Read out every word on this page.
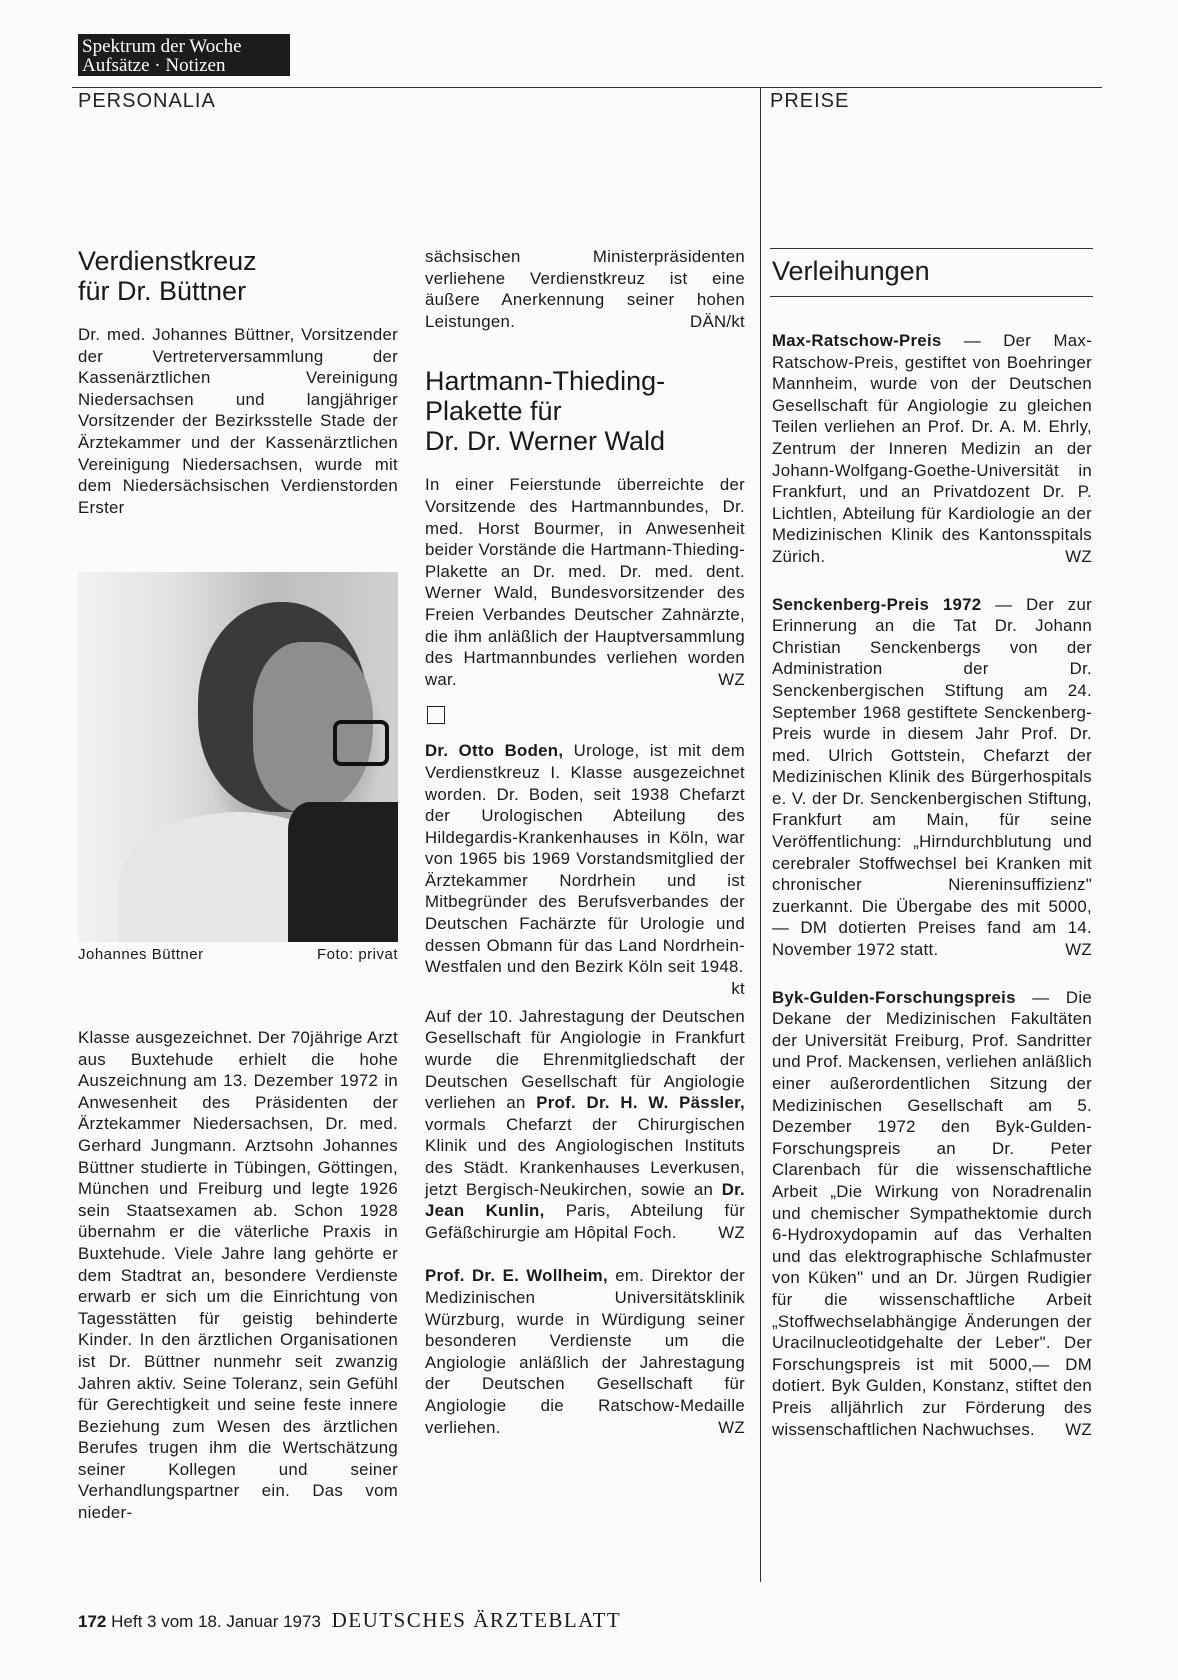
Spektrum der Woche
Aufsätze · Notizen
PERSONALIA	PREISE
Verdienstkreuz
für Dr. Büttner

Dr. med. Johannes Büttner, Vorsitzender der Vertreterversammlung der Kassenärztlichen Vereinigung Niedersachsen und langjähriger Vorsitzender der Bezirksstelle Stade der Ärztekammer und der Kassenärztlichen Vereinigung Niedersachsen, wurde mit dem Niedersächsischen Verdienstorden Erster

Johannes Büttner	Foto: privat

Klasse ausgezeichnet. Der 70jährige Arzt aus Buxtehude erhielt die hohe Auszeichnung am 13. Dezember 1972 in Anwesenheit des Präsidenten der Ärztekammer Niedersachsen, Dr. med. Gerhard Jungmann. Arztsohn Johannes Büttner studierte in Tübingen, Göttingen, München und Freiburg und legte 1926 sein Staatsexamen ab. Schon 1928 übernahm er die väterliche Praxis in Buxtehude. Viele Jahre lang gehörte er dem Stadtrat an, besondere Verdienste erwarb er sich um die Einrichtung von Tagesstätten für geistig behinderte Kinder. In den ärztlichen Organisationen ist Dr. Büttner nunmehr seit zwanzig Jahren aktiv. Seine Toleranz, sein Gefühl für Gerechtigkeit und seine feste innere Beziehung zum Wesen des ärztlichen Berufes trugen ihm die Wertschätzung seiner Kollegen und seiner Verhandlungspartner ein. Das vom nieder-

sächsischen Ministerpräsidenten verliehene Verdienstkreuz ist eine äußere Anerkennung seiner hohen Leistungen.	DÄN/kt

Hartmann-Thieding-
Plakette für
Dr. Dr. Werner Wald

In einer Feierstunde überreichte der Vorsitzende des Hartmannbundes, Dr. med. Horst Bourmer, in Anwesenheit beider Vorstände die Hartmann-Thieding-Plakette an Dr. med. Dr. med. dent. Werner Wald, Bundesvorsitzender des Freien Verbandes Deutscher Zahnärzte, die ihm anläßlich der Hauptversammlung des Hartmannbundes verliehen worden war.	WZ

Dr. Otto Boden, Urologe, ist mit dem Verdienstkreuz I. Klasse ausgezeichnet worden. Dr. Boden, seit 1938 Chefarzt der Urologischen Abteilung des Hildegardis-Krankenhauses in Köln, war von 1965 bis 1969 Vorstandsmitglied der Ärztekammer Nordrhein und ist Mitbegründer des Berufsverbandes der Deutschen Fachärzte für Urologie und dessen Obmann für das Land Nordrhein-Westfalen und den Bezirk Köln seit 1948.
kt

Auf der 10. Jahrestagung der Deutschen Gesellschaft für Angiologie in Frankfurt wurde die Ehrenmitgliedschaft der Deutschen Gesellschaft für Angiologie verliehen an Prof. Dr. H. W. Pässler, vormals Chefarzt der Chirurgischen Klinik und des Angiologischen Instituts des Städt. Krankenhauses Leverkusen, jetzt Bergisch-Neukirchen, sowie an Dr. Jean Kunlin, Paris, Abteilung für Gefäßchirurgie am Hôpital Foch. WZ

Prof. Dr. E. Wollheim, em. Direktor der Medizinischen Universitätsklinik Würzburg, wurde in Würdigung seiner besonderen Verdienste um die Angiologie anläßlich der Jahrestagung der Deutschen Gesellschaft für Angiologie die Ratschow-Medaille verliehen.	WZ

Verleihungen

Max-Ratschow-Preis — Der Max-Ratschow-Preis, gestiftet von Boehringer Mannheim, wurde von der Deutschen Gesellschaft für Angiologie zu gleichen Teilen verliehen an Prof. Dr. A. M. Ehrly, Zentrum der Inneren Medizin an der Johann-Wolfgang-Goethe-Universität in Frankfurt, und an Privatdozent Dr. P. Lichtlen, Abteilung für Kardiologie an der Medizinischen Klinik des Kantonsspitals Zürich.	WZ

Senckenberg-Preis 1972 — Der zur Erinnerung an die Tat Dr. Johann Christian Senckenbergs von der Administration der Dr. Senckenbergischen Stiftung am 24. September 1968 gestiftete Senckenberg-Preis wurde in diesem Jahr Prof. Dr. med. Ulrich Gottstein, Chefarzt der Medizinischen Klinik des Bürgerhospitals e. V. der Dr. Senckenbergischen Stiftung, Frankfurt am Main, für seine Veröffentlichung: „Hirndurchblutung und cerebraler Stoffwechsel bei Kranken mit chronischer Niereninsuffizienz" zuerkannt. Die Übergabe des mit 5000,— DM dotierten Preises fand am 14. November 1972 statt.	WZ

Byk-Gulden-Forschungspreis — Die Dekane der Medizinischen Fakultäten der Universität Freiburg, Prof. Sandritter und Prof. Mackensen, verliehen anläßlich einer außerordentlichen Sitzung der Medizinischen Gesellschaft am 5. Dezember 1972 den Byk-Gulden-Forschungspreis an Dr. Peter Clarenbach für die wissenschaftliche Arbeit „Die Wirkung von Noradrenalin und chemischer Sympathektomie durch 6-Hydroxydopamin auf das Verhalten und das elektrographische Schlafmuster von Küken" und an Dr. Jürgen Rudigier für die wissenschaftliche Arbeit „Stoffwechselabhängige Änderungen der Uracilnucleotidgehalte der Leber". Der Forschungspreis ist mit 5000,— DM dotiert. Byk Gulden, Konstanz, stiftet den Preis alljährlich zur Förderung des wissenschaftlichen Nachwuchses. WZ

172 Heft 3 vom 18. Januar 1973 DEUTSCHES ÄRZTEBLATT
